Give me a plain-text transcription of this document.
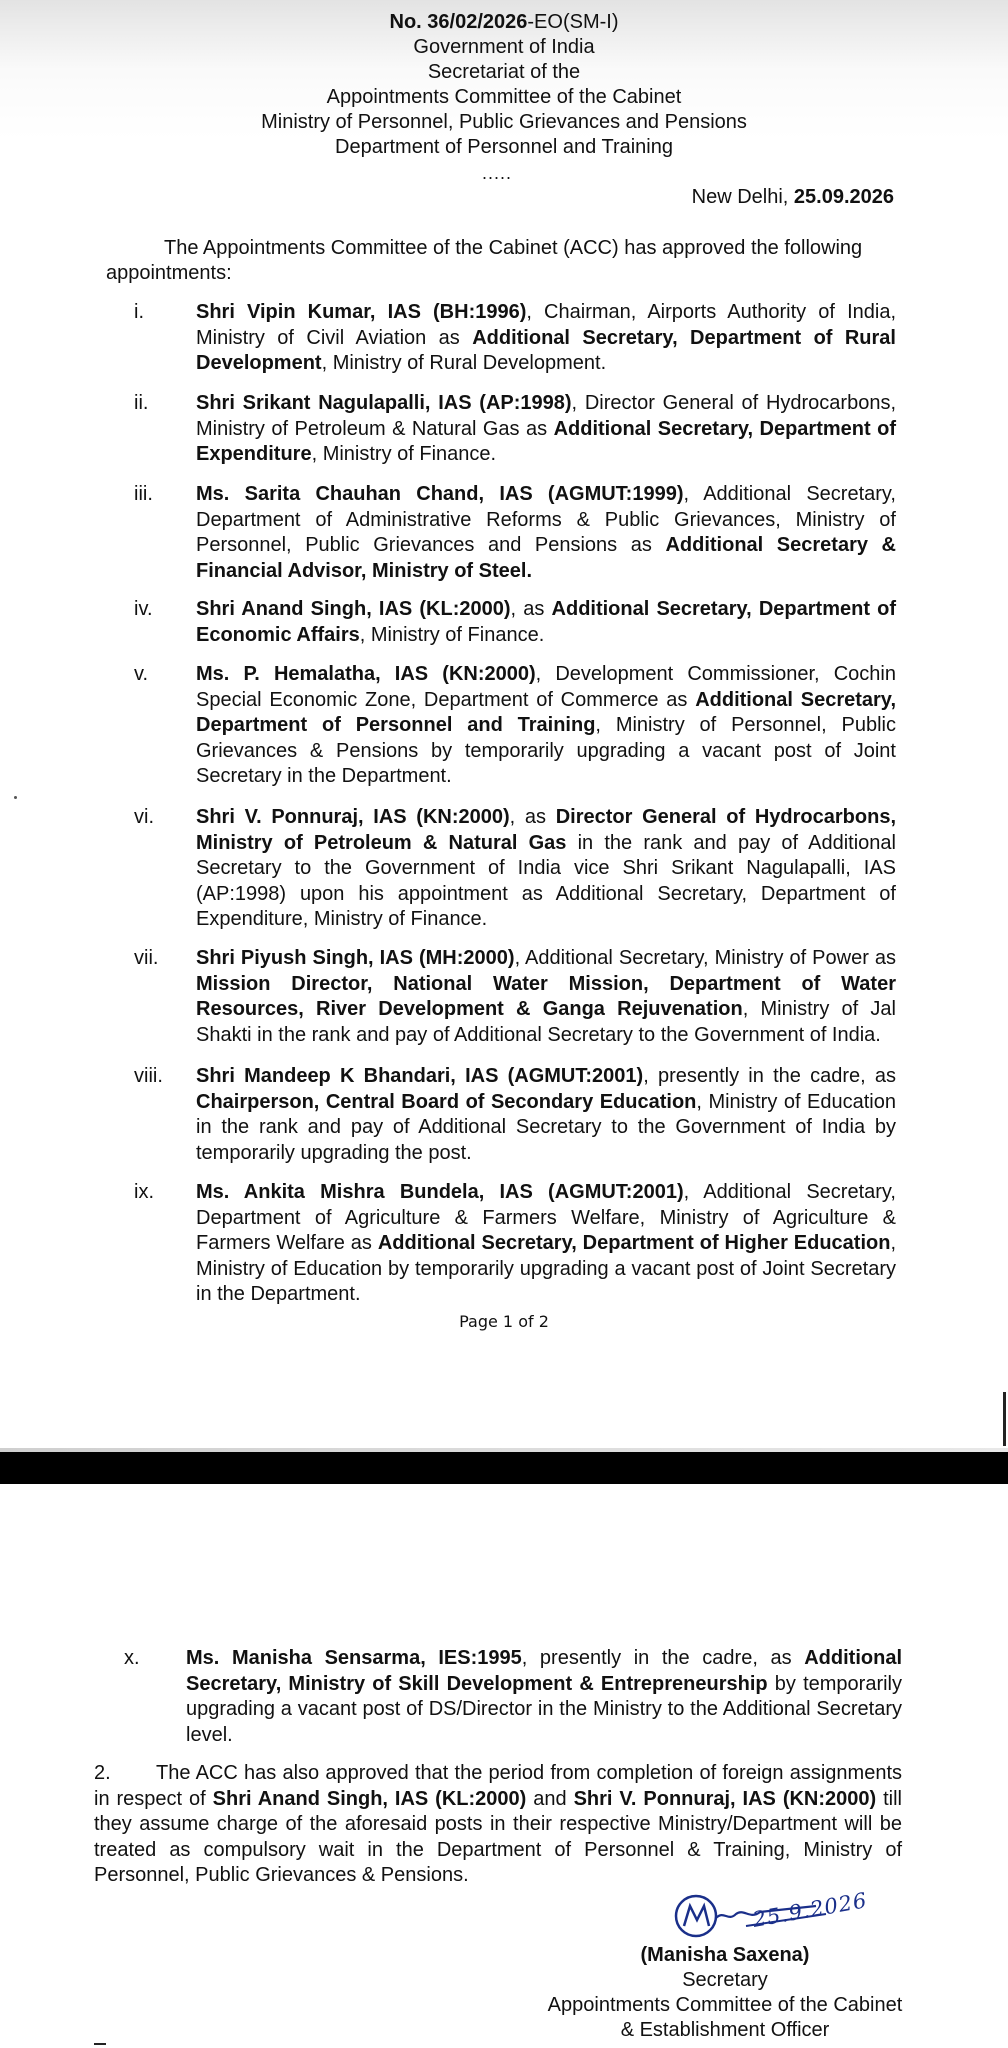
No. 36/02/2026-EO(SM-I)
Government of India
Secretariat of the
Appointments Committee of the Cabinet
Ministry of Personnel, Public Grievances and Pensions
Department of Personnel and Training
.....
New Delhi, 25.09.2026
The Appointments Committee of the Cabinet (ACC) has approved the following
appointments:
i.	Shri Vipin Kumar, IAS (BH:1996), Chairman, Airports Authority of India, Ministry of Civil Aviation as Additional Secretary, Department of Rural Development, Ministry of Rural Development.
ii. Shri Srikant Nagulapalli, IAS (AP:1998), Director General of Hydrocarbons, Ministry of Petroleum & Natural Gas as Additional Secretary, Department of Expenditure, Ministry of Finance.
iii. Ms. Sarita Chauhan Chand, IAS (AGMUT:1999), Additional Secretary, Department of Administrative Reforms & Public Grievances, Ministry of Personnel, Public Grievances and Pensions as Additional Secretary & Financial Advisor, Ministry of Steel.
iv. Shri Anand Singh, IAS (KL:2000), as Additional Secretary, Department of Economic Affairs, Ministry of Finance.
v. Ms. P. Hemalatha, IAS (KN:2000), Development Commissioner, Cochin Special Economic Zone, Department of Commerce as Additional Secretary, Department of Personnel and Training, Ministry of Personnel, Public Grievances & Pensions by temporarily upgrading a vacant post of Joint Secretary in the Department.
vi. Shri V. Ponnuraj, IAS (KN:2000), as Director General of Hydrocarbons, Ministry of Petroleum & Natural Gas in the rank and pay of Additional Secretary to the Government of India vice Shri Srikant Nagulapalli, IAS (AP:1998) upon his appointment as Additional Secretary, Department of Expenditure, Ministry of Finance.
vii. Shri Piyush Singh, IAS (MH:2000), Additional Secretary, Ministry of Power as Mission Director, National Water Mission, Department of Water Resources, River Development & Ganga Rejuvenation, Ministry of Jal Shakti in the rank and pay of Additional Secretary to the Government of India.
viii. Shri Mandeep K Bhandari, IAS (AGMUT:2001), presently in the cadre, as Chairperson, Central Board of Secondary Education, Ministry of Education in the rank and pay of Additional Secretary to the Government of India by temporarily upgrading the post.
ix. Ms. Ankita Mishra Bundela, IAS (AGMUT:2001), Additional Secretary, Department of Agriculture & Farmers Welfare, Ministry of Agriculture & Farmers Welfare as Additional Secretary, Department of Higher Education, Ministry of Education by temporarily upgrading a vacant post of Joint Secretary in the Department.
Page 1 of 2
x. Ms. Manisha Sensarma, IES:1995, presently in the cadre, as Additional Secretary, Ministry of Skill Development & Entrepreneurship by temporarily upgrading a vacant post of DS/Director in the Ministry to the Additional Secretary level.
2. The ACC has also approved that the period from completion of foreign assignments in respect of Shri Anand Singh, IAS (KL:2000) and Shri V. Ponnuraj, IAS (KN:2000) till they assume charge of the aforesaid posts in their respective Ministry/Department will be treated as compulsory wait in the Department of Personnel & Training, Ministry of Personnel, Public Grievances & Pensions.
25.9.2026
(Manisha Saxena)
Secretary
Appointments Committee of the Cabinet
& Establishment Officer
